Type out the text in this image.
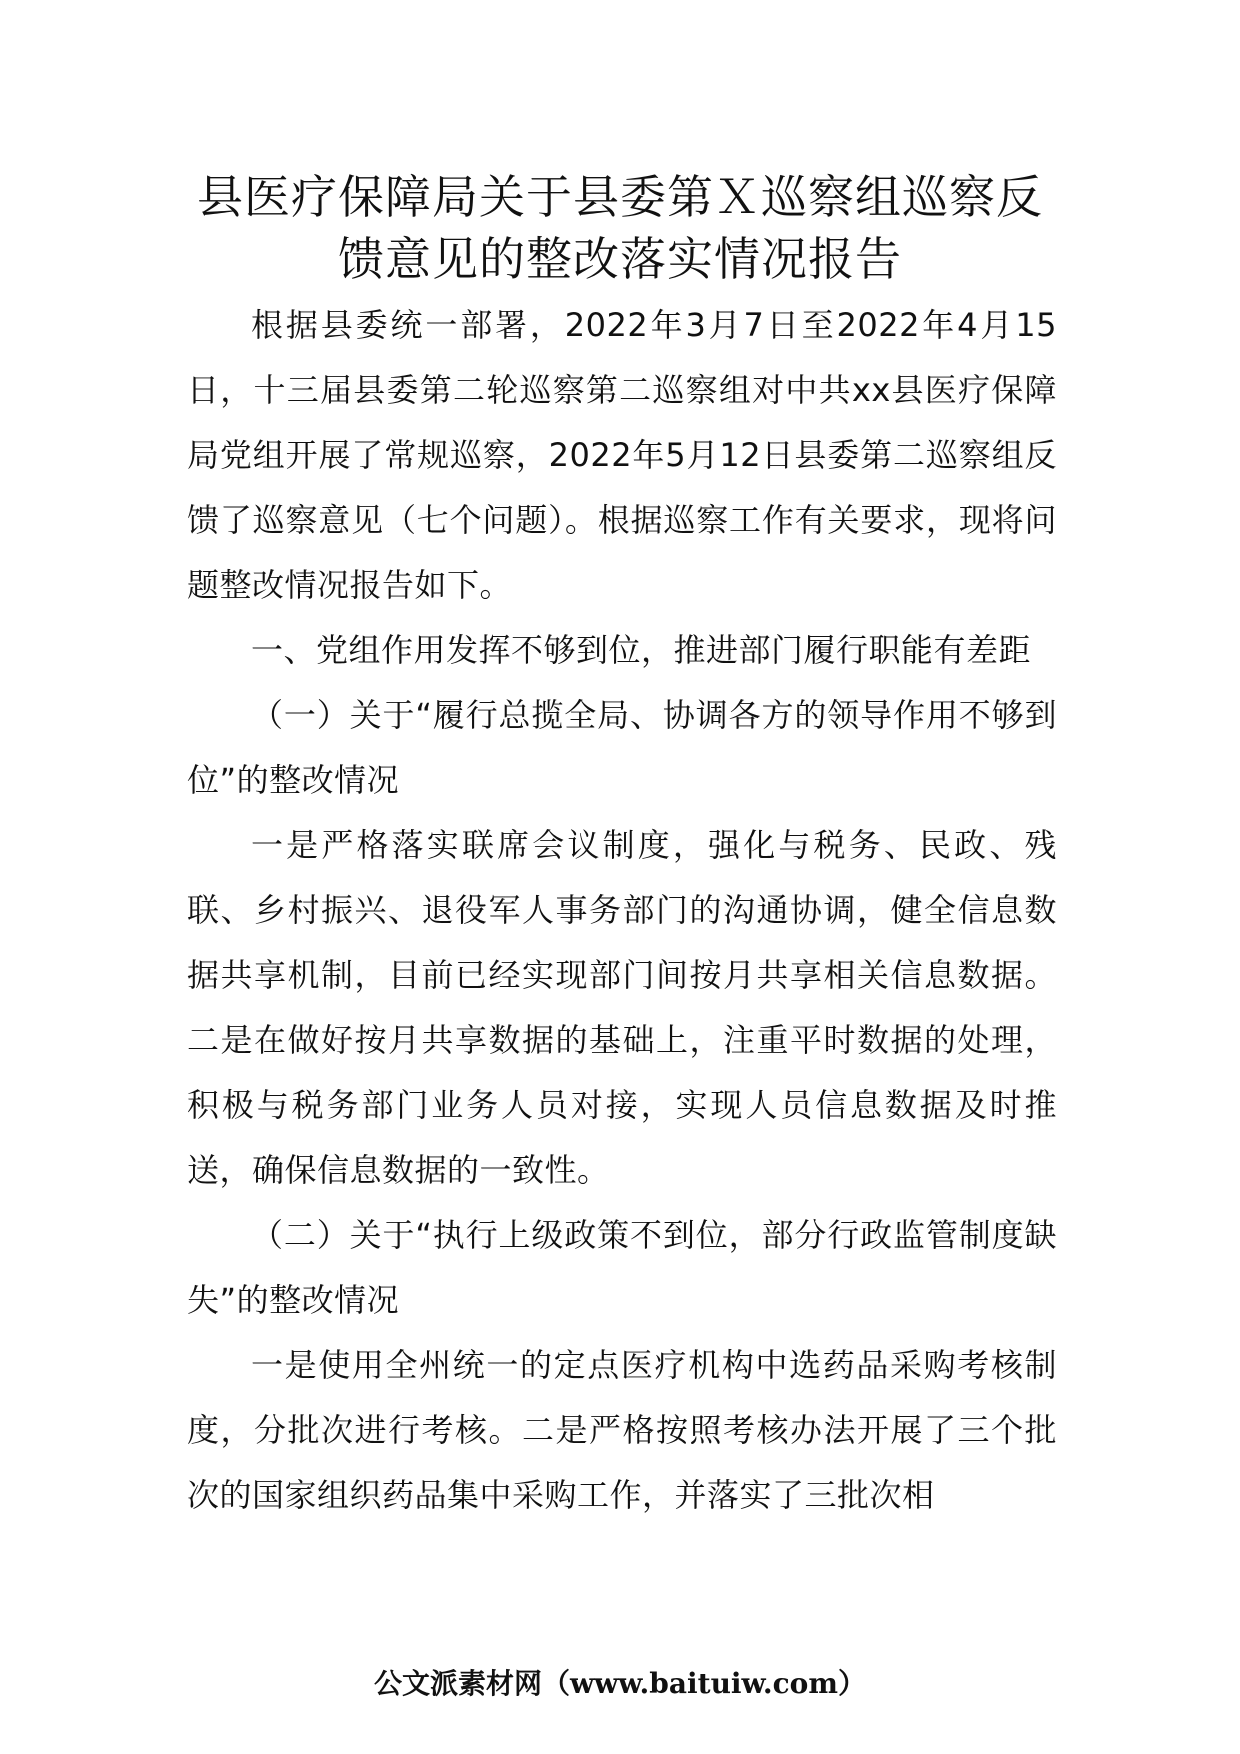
县医疗保障局关于县委第Ｘ巡察组巡察反
馈意见的整改落实情况报告

根据县委统一部署，2022年3月7日至2022年4月15日，十三届县委第二轮巡察第二巡察组对中共xx县医疗保障局党组开展了常规巡察，2022年5月12日县委第二巡察组反馈了巡察意见（七个问题）。根据巡察工作有关要求，现将问题整改情况报告如下。

一、党组作用发挥不够到位，推进部门履行职能有差距

（一）关于“履行总揽全局、协调各方的领导作用不够到位”的整改情况

一是严格落实联席会议制度，强化与税务、民政、残联、乡村振兴、退役军人事务部门的沟通协调，健全信息数据共享机制，目前已经实现部门间按月共享相关信息数据。二是在做好按月共享数据的基础上，注重平时数据的处理，积极与税务部门业务人员对接，实现人员信息数据及时推送，确保信息数据的一致性。

（二）关于“执行上级政策不到位，部分行政监管制度缺失”的整改情况

一是使用全州统一的定点医疗机构中选药品采购考核制度，分批次进行考核。二是严格按照考核办法开展了三个批次的国家组织药品集中采购工作，并落实了三批次相

公文派素材网（www.baituiw.com）
